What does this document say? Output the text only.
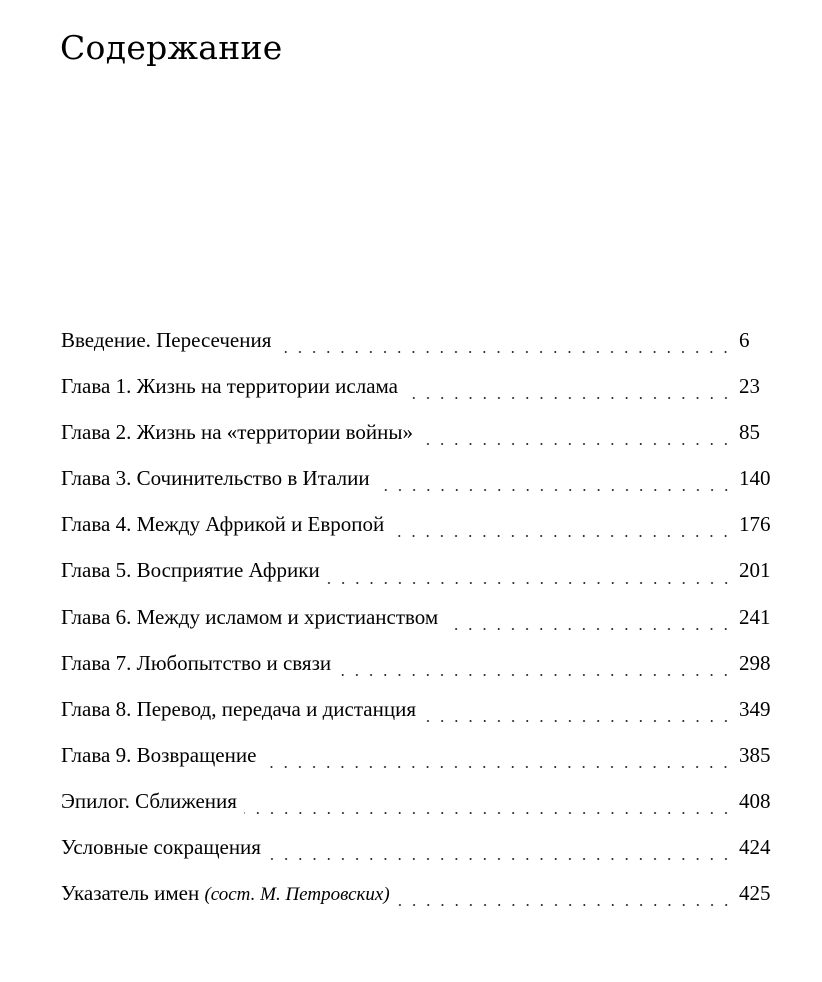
Содержание
Введение. Пересечения	6
Глава 1. Жизнь на территории ислама	23
Глава 2. Жизнь на «территории войны»	85
Глава 3. Сочинительство в Италии	140
Глава 4. Между Африкой и Европой	176
Глава 5. Восприятие Африки	201
Глава 6. Между исламом и христианством	241
Глава 7. Любопытство и связи	298
Глава 8. Перевод, передача и дистанция	349
Глава 9. Возвращение	385
Эпилог. Сближения	408
Условные сокращения	424
Указатель имен (сост. М. Петровских)	425
